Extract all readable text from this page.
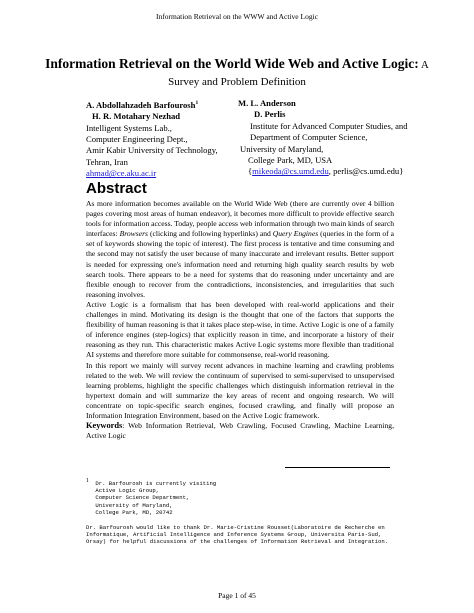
Information Retrieval on the WWW and Active Logic
Information Retrieval on the World Wide Web and Active Logic: A Survey and Problem Definition
A. Abdollahzadeh Barfourosh$^1$
H. R. Motahary Nezhad
Intelligent Systems Lab.,
Computer Engineering Dept.,
Amir Kabir University of Technology,
Tehran, Iran
ahmad@ce.aku.ac.ir
M. L. Anderson
D. Perlis
Institute for Advanced Computer Studies, and
Department of Computer Science,
University of Maryland,
College Park, MD, USA
{mikeoda@cs.umd.edu, perlis@cs.umd.edu}
Abstract

As more information becomes available on the World Wide Web (there are currently over 4 billion pages covering most areas of human endeavor), it becomes more difficult to provide effective search tools for information access. Today, people access web information through two main kinds of search interfaces: Browsers (clicking and following hyperlinks) and Query Engines (queries in the form of a set of keywords showing the topic of interest). The first process is tentative and time consuming and the second may not satisfy the user because of many inaccurate and irrelevant results. Better support is needed for expressing one's information need and returning high quality search results by web search tools. There appears to be a need for systems that do reasoning under uncertainty and are flexible enough to recover from the contradictions, inconsistencies, and irregularities that such reasoning involves.

Active Logic is a formalism that has been developed with real-world applications and their challenges in mind. Motivating its design is the thought that one of the factors that supports the flexibility of human reasoning is that it takes place step-wise, in time. Active Logic is one of a family of inference engines (step-logics) that explicitly reason in time, and incorporate a history of their reasoning as they run. This characteristic makes Active Logic systems more flexible than traditional AI systems and therefore more suitable for commonsense, real-world reasoning.

In this report we mainly will survey recent advances in machine learning and crawling problems related to the web. We will review the continuum of supervised to semi-supervised to unsupervised learning problems, highlight the specific challenges which distinguish information retrieval in the hypertext domain and will summarize the key areas of recent and ongoing research. We will concentrate on topic-specific search engines, focused crawling, and finally will propose an Information Integration Environment, based on the Active Logic framework.

Keywords: Web Information Retrieval, Web Crawling, Focused Crawling, Machine Learning, Active Logic

1	Dr. Barfourosh is currently visiting
Active Logic Group,
Computer Science Department,
University of Maryland,
College Park, MD, 20742
Dr. Barfourosh would like to thank Dr. Marie-Cristine Rousset(Laboratoire de Recherche en Informatique, Artificial Intelligence and Inference Systems Group, Universita Paris-Sud, Orsay) for helpful discussions of the challenges of Information Retrieval and Integration.
Page 1 of 45
